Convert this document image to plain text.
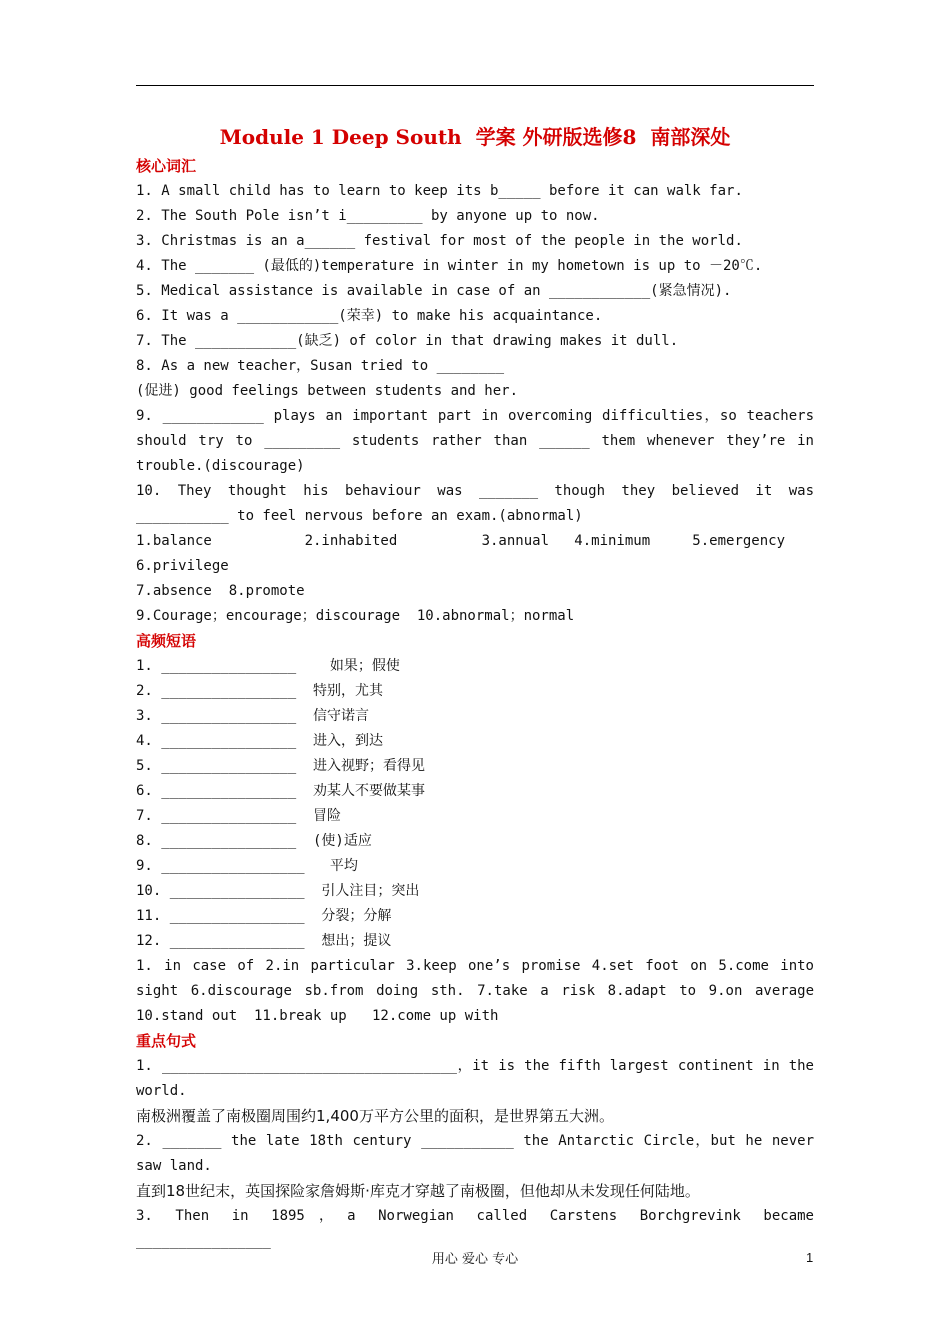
Module 1 Deep South  学案 外研版选修8  南部深处
核心词汇
1. A small child has to learn to keep its b_____ before it can walk far.
2. The South Pole isn’t i_________ by anyone up to now.
3. Christmas is an a______ festival for most of the people in the world.
4. The _______ (最低的)temperature in winter in my hometown is up to －20℃.
5. Medical assistance is available in case of an ____________(紧急情况).
6. It was a ____________(荣幸) to make his acquaintance.
7. The ____________(缺乏) of color in that drawing makes it dull.
8. As a new teacher，Susan tried to ________
(促进) good feelings between students and her.
9. ____________ plays an important part in overcoming difficulties，so teachers
should try to _________ students rather than ______ them whenever they’re in
trouble.(discourage)
10. They thought his behaviour was _______ though they believed it was
___________ to feel nervous before an exam.(abnormal)
1.balance           2.inhabited          3.annual   4.minimum     5.emergency
6.privilege
7.absence  8.promote
9.Courage；encourage；discourage  10.abnormal；normal
高频短语
1. ________________    如果；假使
2. ________________  特别，尤其
3. ________________  信守诺言
4. ________________  进入，到达
5. ________________  进入视野；看得见
6. ________________  劝某人不要做某事
7. ________________  冒险
8. ________________  (使)适应
9. _________________   平均
10. ________________  引人注目；突出
11. ________________  分裂；分解
12. ________________  想出；提议
1. in case of 2.in particular 3.keep one’s promise 4.set foot on 5.come into
sight 6.discourage sb.from doing sth. 7.take a risk 8.adapt to 9.on average
10.stand out  11.break up   12.come up with
重点句式
1. ___________________________________，it is the fifth largest continent in the
world.
南极洲覆盖了南极圈周围约1,400万平方公里的面积，是世界第五大洲。
2. _______ the late 18th century ___________ the Antarctic Circle，but he never
saw land.
直到18世纪末，英国探险家詹姆斯·库克才穿越了南极圈，但他却从未发现任何陆地。
3. Then in 1895，a Norwegian called Carstens Borchgrevink became ________________
用心 爱心 专心	1
